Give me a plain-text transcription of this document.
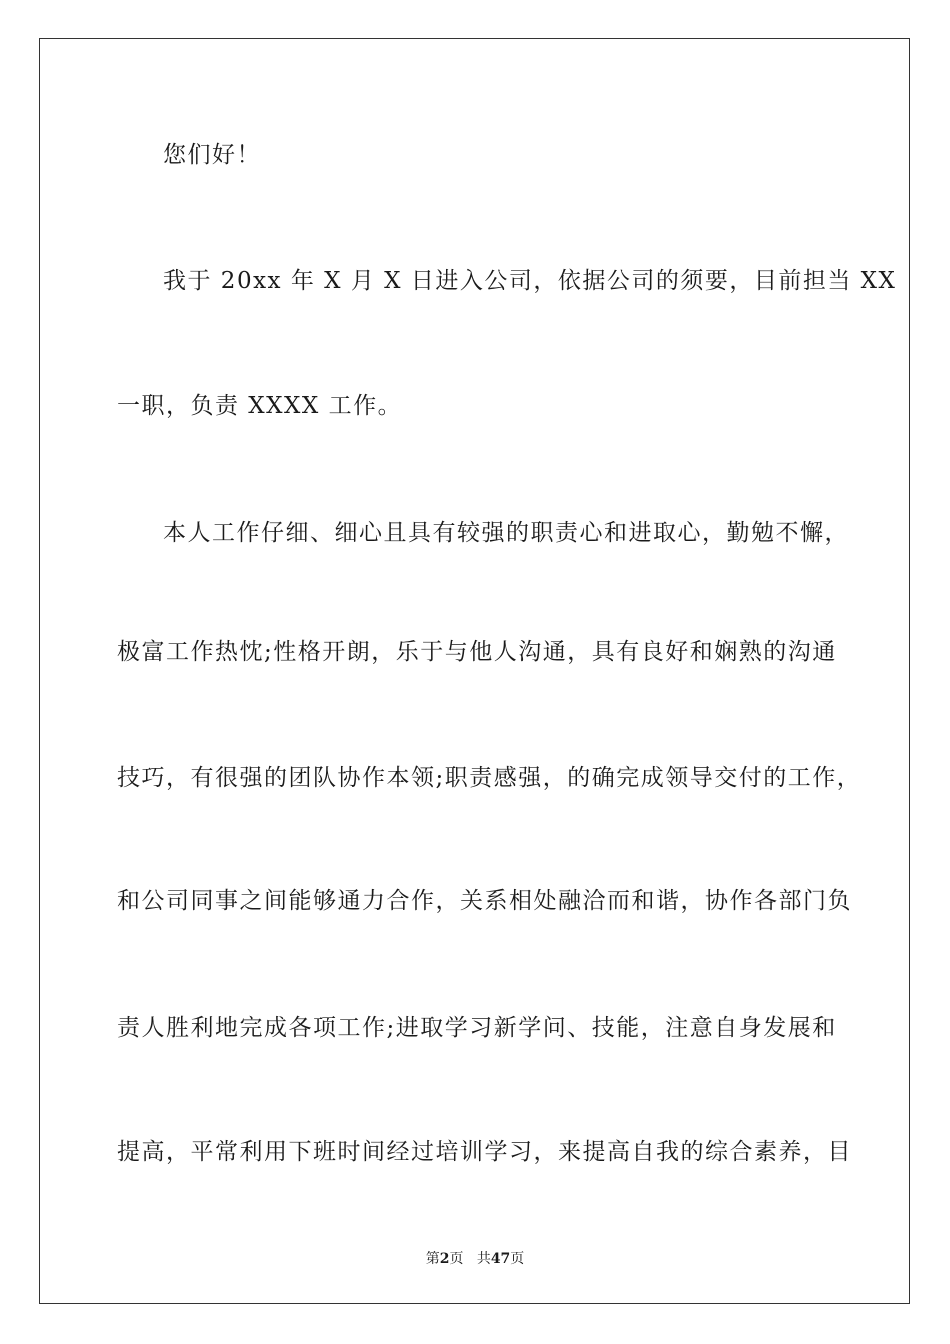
您们好！
我于 20xx 年 X 月 X 日进入公司，依据公司的须要，目前担当 XX
一职，负责 XXXX 工作。
本人工作仔细、细心且具有较强的职责心和进取心，勤勉不懈，
极富工作热忱;性格开朗，乐于与他人沟通，具有良好和娴熟的沟通
技巧，有很强的团队协作本领;职责感强，的确完成领导交付的工作，
和公司同事之间能够通力合作，关系相处融洽而和谐，协作各部门负
责人胜利地完成各项工作;进取学习新学问、技能，注意自身发展和
提高，平常利用下班时间经过培训学习，来提高自我的综合素养，目
第2页 共47页
